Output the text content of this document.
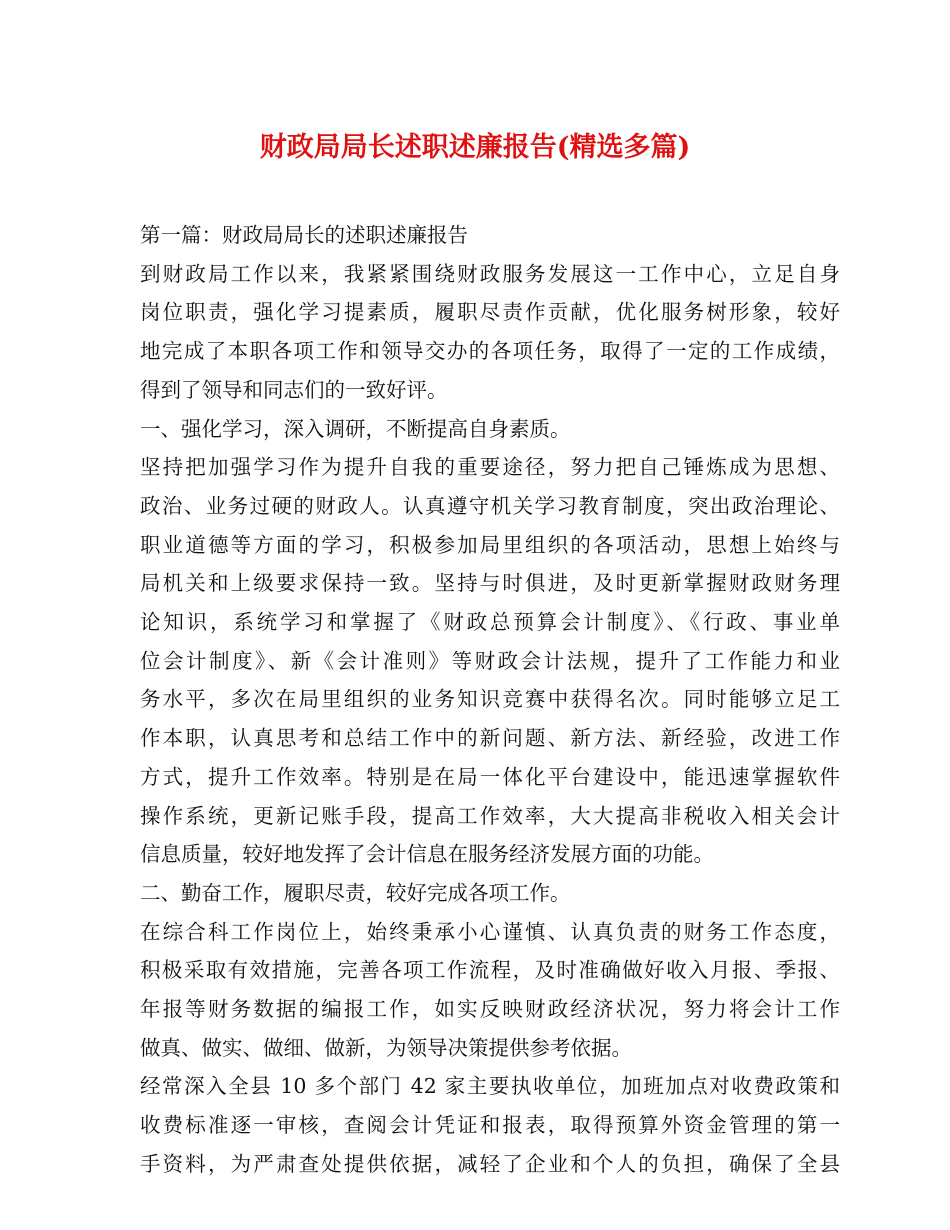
财政局局长述职述廉报告(精选多篇)
第一篇：财政局局长的述职述廉报告
到财政局工作以来，我紧紧围绕财政服务发展这一工作中心，立足自身
岗位职责，强化学习提素质，履职尽责作贡献，优化服务树形象，较好
地完成了本职各项工作和领导交办的各项任务，取得了一定的工作成绩，
得到了领导和同志们的一致好评。
一、强化学习，深入调研，不断提高自身素质。
坚持把加强学习作为提升自我的重要途径，努力把自己锤炼成为思想、
政治、业务过硬的财政人。认真遵守机关学习教育制度，突出政治理论、
职业道德等方面的学习，积极参加局里组织的各项活动，思想上始终与
局机关和上级要求保持一致。坚持与时俱进，及时更新掌握财政财务理
论知识，系统学习和掌握了《财政总预算会计制度》、《行政、事业单
位会计制度》、新《会计准则》等财政会计法规，提升了工作能力和业
务水平，多次在局里组织的业务知识竞赛中获得名次。同时能够立足工
作本职，认真思考和总结工作中的新问题、新方法、新经验，改进工作
方式，提升工作效率。特别是在局一体化平台建设中，能迅速掌握软件
操作系统，更新记账手段，提高工作效率，大大提高非税收入相关会计
信息质量，较好地发挥了会计信息在服务经济发展方面的功能。
二、勤奋工作，履职尽责，较好完成各项工作。
在综合科工作岗位上，始终秉承小心谨慎、认真负责的财务工作态度，
积极采取有效措施，完善各项工作流程，及时准确做好收入月报、季报、
年报等财务数据的编报工作，如实反映财政经济状况，努力将会计工作
做真、做实、做细、做新，为领导决策提供参考依据。
经常深入全县 10 多个部门 42 家主要执收单位，加班加点对收费政策和
收费标准逐一审核，查阅会计凭证和报表，取得预算外资金管理的第一
手资料，为严肃查处提供依据，减轻了企业和个人的负担，确保了全县
